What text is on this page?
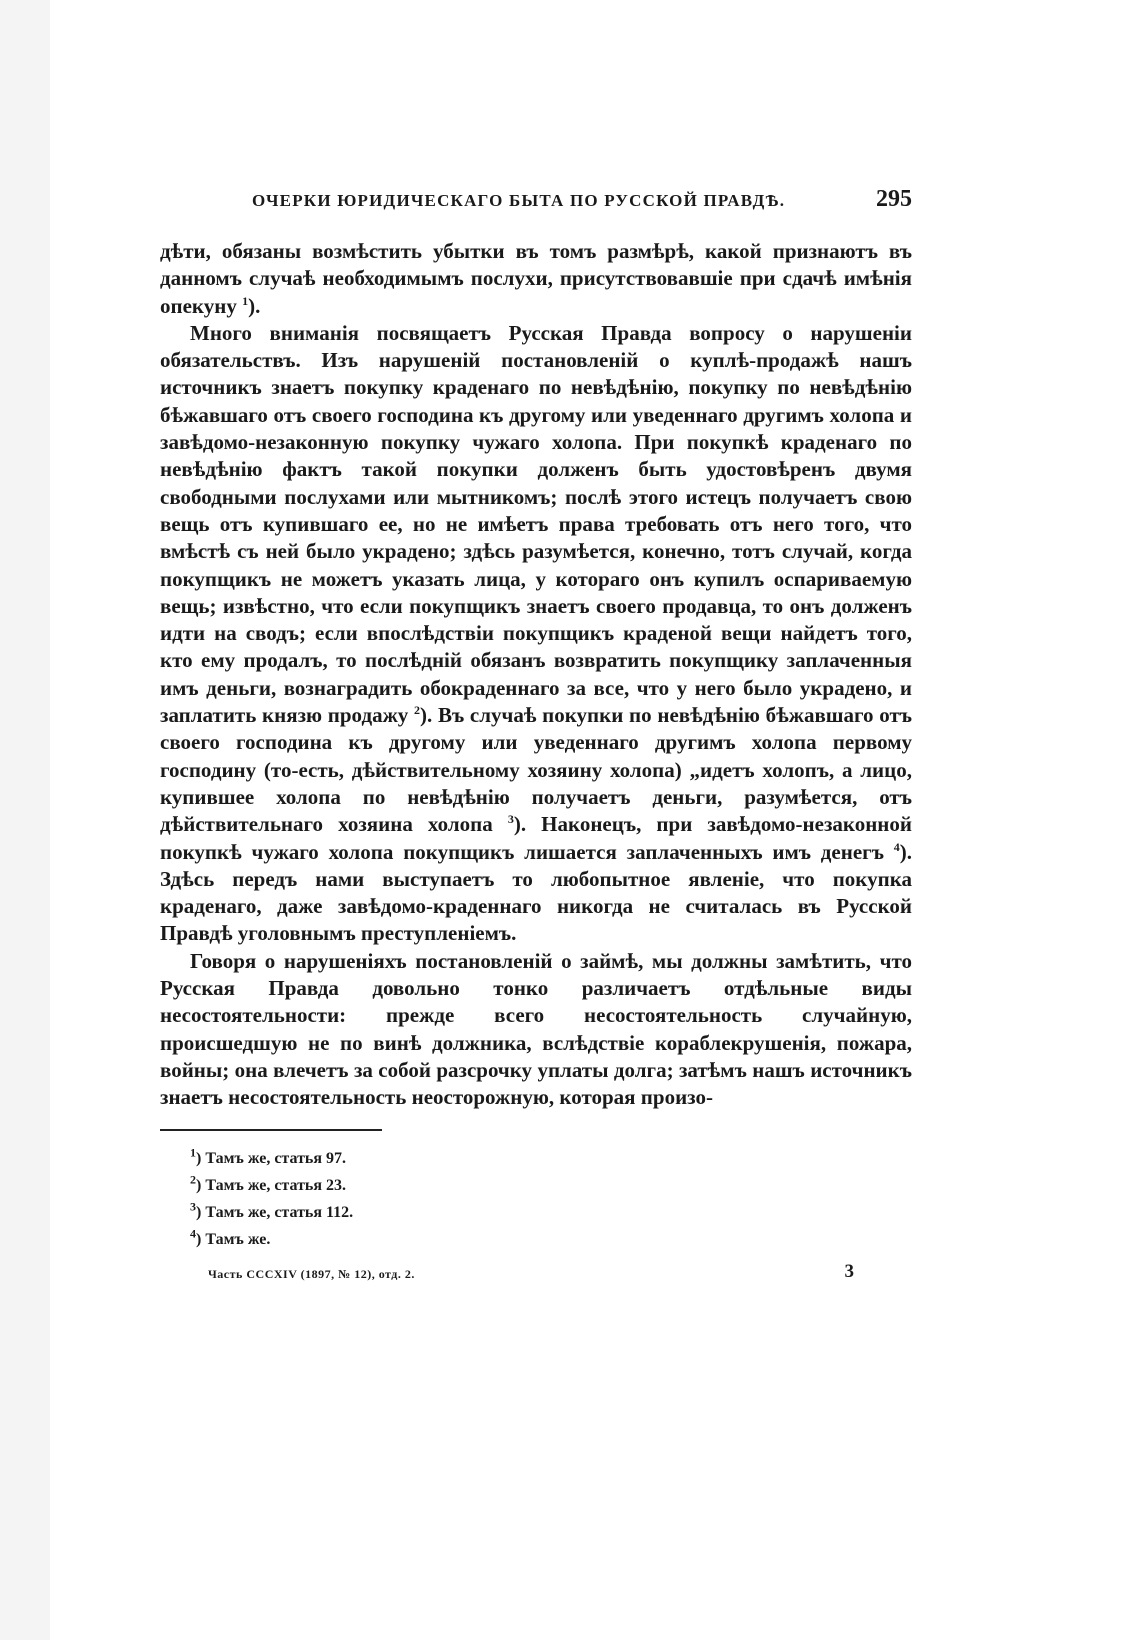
ОЧЕРКИ ЮРИДИЧЕСКАГО БЫТА ПО РУССКОЙ ПРАВДѢ.	295

дѣти, обязаны возмѣстить убытки въ томъ размѣрѣ, какой признаютъ въ данномъ случаѣ необходимымъ послухи, присутствовавшіе при сдачѣ имѣнія опекуну $^1$).

Много вниманія посвящаетъ Русская Правда вопросу о нарушеніи обязательствъ. Изъ нарушеній постановленій о куплѣ-продажѣ нашъ источникъ знаетъ покупку краденаго по невѣдѣнію, покупку по невѣдѣнію бѣжавшаго отъ своего господина къ другому или уведеннаго другимъ холопа и завѣдомо-незаконную покупку чужаго холопа. При покупкѣ краденаго по невѣдѣнію фактъ такой покупки долженъ быть удостовѣренъ двумя свободными послухами или мытникомъ; послѣ этого истецъ получаетъ свою вещь отъ купившаго ее, но не имѣетъ права требовать отъ него того, что вмѣстѣ съ ней было украдено; здѣсь разумѣется, конечно, тотъ случай, когда покупщикъ не можетъ указать лица, у котораго онъ купилъ оспариваемую вещь; извѣстно, что если покупщикъ знаетъ своего продавца, то онъ долженъ идти на сводъ; если впослѣдствіи покупщикъ краденой вещи найдетъ того, кто ему продалъ, то послѣдній обязанъ возвратить покупщику заплаченныя имъ деньги, вознаградить обокраденнаго за все, что у него было украдено, и заплатить князю продажу $^2$). Въ случаѣ покупки по невѣдѣнію бѣжавшаго отъ своего господина къ другому или уведеннаго другимъ холопа первому господину (то-есть, дѣйствительному хозяину холопа) „идетъ холопъ, а лицо, купившее холопа по невѣдѣнію получаетъ деньги, разумѣется, отъ дѣйствительнаго хозяина холопа $^3$). Наконецъ, при завѣдомо-незаконной покупкѣ чужаго холопа покупщикъ лишается заплаченныхъ имъ денегъ $^4$). Здѣсь передъ нами выступаетъ то любопытное явленіе, что покупка краденаго, даже завѣдомо-краденнаго никогда не считалась въ Русской Правдѣ уголовнымъ преступленіемъ.

Говоря о нарушеніяхъ постановленій о займѣ, мы должны замѣтить, что Русская Правда довольно тонко различаетъ отдѣльные виды несостоятельности: прежде всего несостоятельность случайную, происшедшую не по винѣ должника, вслѣдствіе кораблекрушенія, пожара, войны; она влечетъ за собой разсрочку уплаты долга; затѣмъ нашъ источникъ знаетъ несостоятельность неосторожную, которая произо-

$^1$) Тамъ же, статья 97.
$^2$) Тамъ же, статья 23.
$^3$) Тамъ же, статья 112.
$^4$) Тамъ же.
Часть CCCXIV (1897, № 12), отд. 2.	3
